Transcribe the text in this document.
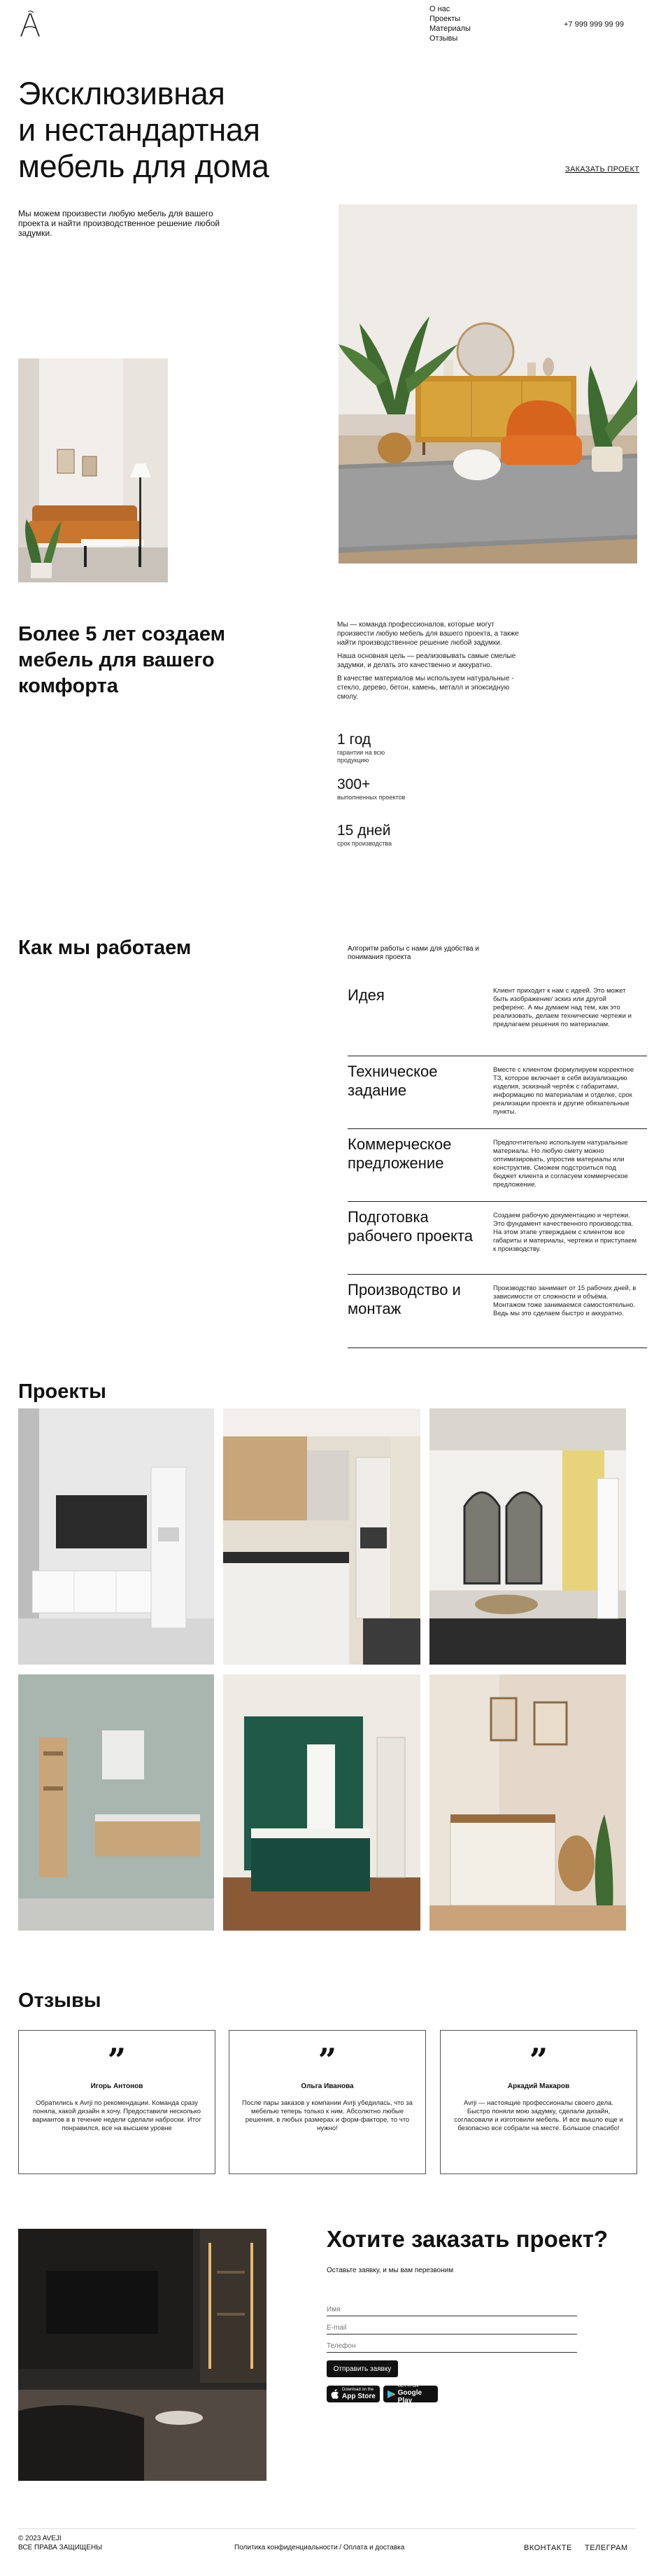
О нас
Проекты
Материалы
Отзывы
+7 999 999 99 99
Эксклюзивная
и нестандартная
мебель для дома	ЗАКАЗАТЬ ПРОЕКТ

Мы можем произвести любую мебель для вашего проекта и найти производственное решение любой задумки.

Более 5 лет создаем мебель для вашего комфорта

Мы — команда профессионалов, которые могут произвести любую мебель для вашего проекта, а также найти производственное решение любой задумки.

Наша основная цель — реализовывать самые смелые задумки, и делать это качественно и аккуратно.

В качестве материалов мы используем натуральные - стекло, дерево, бетон, камень, металл и эпоксидную смолу.

1 год
гарантии на всю продукцию
300+
выполненных проектов
15 дней
срок производства
Как мы работаем	Алгоритм работы с нами для удобства и понимания проекта

Идея	Клиент приходит к нам с идеей. Это может быть изображение/ эскиз или другой референс. А мы думаем над тем, как это реализовать, делаем технические чертежи и предлагаем решения по материалам.
Техническое задание
Вместе с клиентом формулируем корректное ТЗ, которое включает в себя визуализацию изделия, эскизный чертёж с габаритами, информацию по материалам и отделке, срок реализации проекта и другие обязательные пункты.
Коммерческое предложение
Предпочтительно используем натуральные материалы. Но любую смету можно оптимизировать, упростив материалы или конструктив. Сможем подстроиться под бюджет клиента и согласуем коммерческое предложение.
Подготовка рабочего проекта
Создаем рабочую документацию и чертежи. Это фундамент качественного производства. На этом этапе утверждаем с клиентом все габариты и материалы, чертежи и приступаем к производству.
Производство и монтаж
Производство занимает от 15 рабочих дней, в зависимости от сложности и объёма. Монтажом тоже занимаемся самостоятельно. Ведь мы это сделаем быстро и аккуратно.
Проекты
Отзывы
”
Игорь Антонов
Обратились к Avrji по рекомендации. Команда сразу поняла, какой дизайн я хочу. Предоставили несколько вариантов в в течение недели сделали наброски. Итог понравился, все на высшем уровне
”
Ольга Иванова
После пары заказов у компании Avrji убедилась, что за мебелью теперь только к ним. Абсолютно любые решения, в любых размерах и форм-факторе, то что нужно!
”
Аркадий Макаров
Avrji — настоящие профессионалы своего дела. Быстро поняли мою задумку, сделали дизайн, согласовали и изготовили мебель. И все вышло еще и безопасно все собрали на месте. Большое спасибо!
Хотите заказать проект?

Оставьте заявку, и мы вам перезвоним

Имя
E-mail
Телефон
Отправить заявку
Download on the
App Store
GET IT ON
Google Play
© 2023 AVEJI
ВСЕ ПРАВА ЗАЩИЩЕНЫ	Политика конфиденциальности / Оплата и доставка	ВКОНТАКТЕ ТЕЛЕГРАМ
